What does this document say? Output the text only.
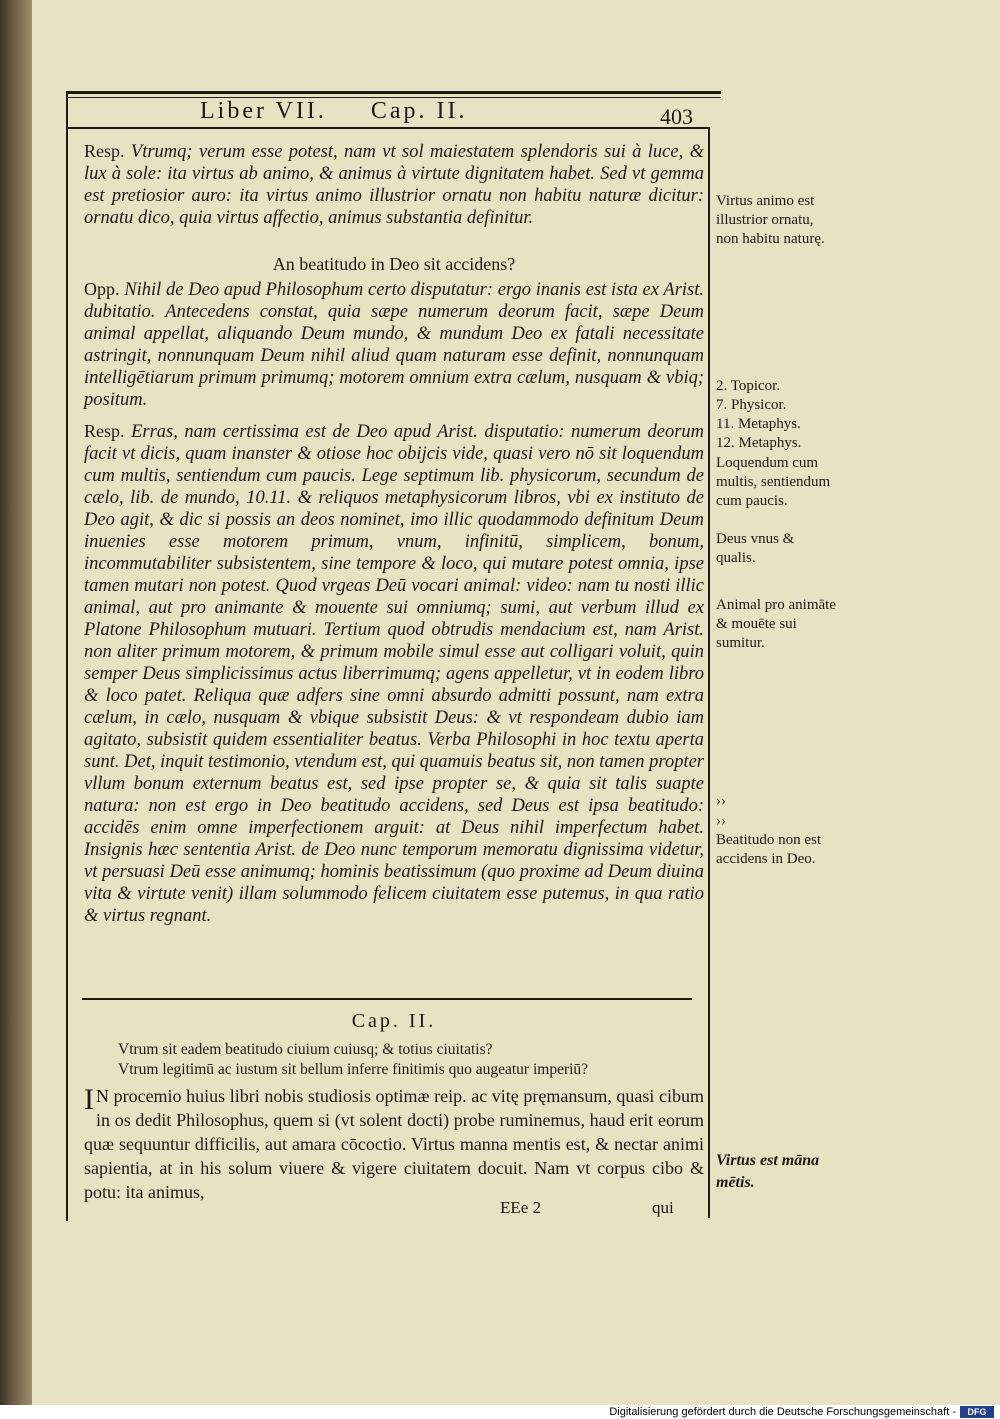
Liber VII. Cap. II.	403
Resp. Vtrumq; verum esse potest, nam vt sol maiestatem splendoris sui à luce, & lux à sole: ita virtus ab animo, & animus à virtute dignitatem habet. Sed vt gemma est pretiosior auro: ita virtus animo illustrior ornatu non habitu naturæ dicitur: ornatu dico, quia virtus affectio, animus substantia definitur.
An beatitudo in Deo sit accidens?
Opp. Nihil de Deo apud Philosophum certo disputatur: ergo inanis est ista ex Arist. dubitatio. Antecedens constat, quia sæpe numerum deorum facit, sæpe Deum animal appellat, aliquando Deum mundo, & mundum Deo ex fatali necessitate astringit, nonnunquam Deum nihil aliud quam naturam esse definit, nonnunquam intelligētiarum primum primumq; motorem omnium extra cælum, nusquam & vbiq; positum.
Resp. Erras, nam certissima est de Deo apud Arist. disputatio: numerum deorum facit vt dicis, quam inanster & otiose hoc obijcis vide, quasi vero nō sit loquendum cum multis, sentiendum cum paucis. Lege septimum lib. physicorum, secundum de cælo, lib. de mundo, 10.11. & reliquos metaphysicorum libros, vbi ex instituto de Deo agit, & dic si possis an deos nominet, imo illic quodammodo definitum Deum inuenies esse motorem primum, vnum, infinitū, simplicem, bonum, incommutabiliter subsistentem, sine tempore & loco, qui mutare potest omnia, ipse tamen mutari non potest. Quod vrgeas Deū vocari animal: video: nam tu nosti illic animal, aut pro animante & mouente sui omniumq; sumi, aut verbum illud ex Platone Philosophum mutuari. Tertium quod obtrudis mendacium est, nam Arist. non aliter primum motorem, & primum mobile simul esse aut colligari voluit, quin semper Deus simplicissimus actus liberrimumq; agens appelletur, vt in eodem libro & loco patet. Reliqua quæ adfers sine omni absurdo admitti possunt, nam extra cælum, in cælo, nusquam & vbique subsistit Deus: & vt respondeam dubio iam agitato, subsistit quidem essentialiter beatus. Verba Philosophi in hoc textu aperta sunt. Det, inquit testimonio, vtendum est, qui quamuis beatus sit, non tamen propter vllum bonum externum beatus est, sed ipse propter se, & quia sit talis suapte natura: non est ergo in Deo beatitudo accidens, sed Deus est ipsa beatitudo: accidēs enim omne imperfectionem arguit: at Deus nihil imperfectum habet. Insignis hæc sententia Arist. de Deo nunc temporum memoratu dignissima videtur, vt persuasi Deū esse animumq; hominis beatissimum (quo proxime ad Deum diuina vita & virtute venit) illam solummodo felicem ciuitatem esse putemus, in qua ratio & virtus regnant.
Cap. II.
Vtrum sit eadem beatitudo ciuium cuiusq; & totius ciuitatis?
Vtrum legitimū ac iustum sit bellum inferre finitimis quo augeatur imperiū?
I N procemio huius libri nobis studiosis optimæ reip. ac vitę pręmansum, quasi cibum in os dedit Philosophus, quem si (vt solent docti) probe ruminemus, haud erit eorum quæ sequuntur difficilis, aut amara cōcoctio. Virtus manna mentis est, & nectar animi sapientia, at in his solum viuere & vigere ciuitatem docuit. Nam vt corpus cibo & potu: ita animus,
EEe 2	qui
Virtus animo est illustrior ornatu, non habitu naturę.
2. Topicor.
7. Physicor.
11. Metaphys.
12. Metaphys.
Loquendum cum multis, sentiendum cum paucis.
Deus vnus & qualis.
Animal pro animāte & mouēte sui sumitur.
››
››
Beatitudo non est accidens in Deo.
Virtus est māna mētis.
Digitalisierung gefördert durch die Deutsche Forschungsgemeinschaft -	DFG
